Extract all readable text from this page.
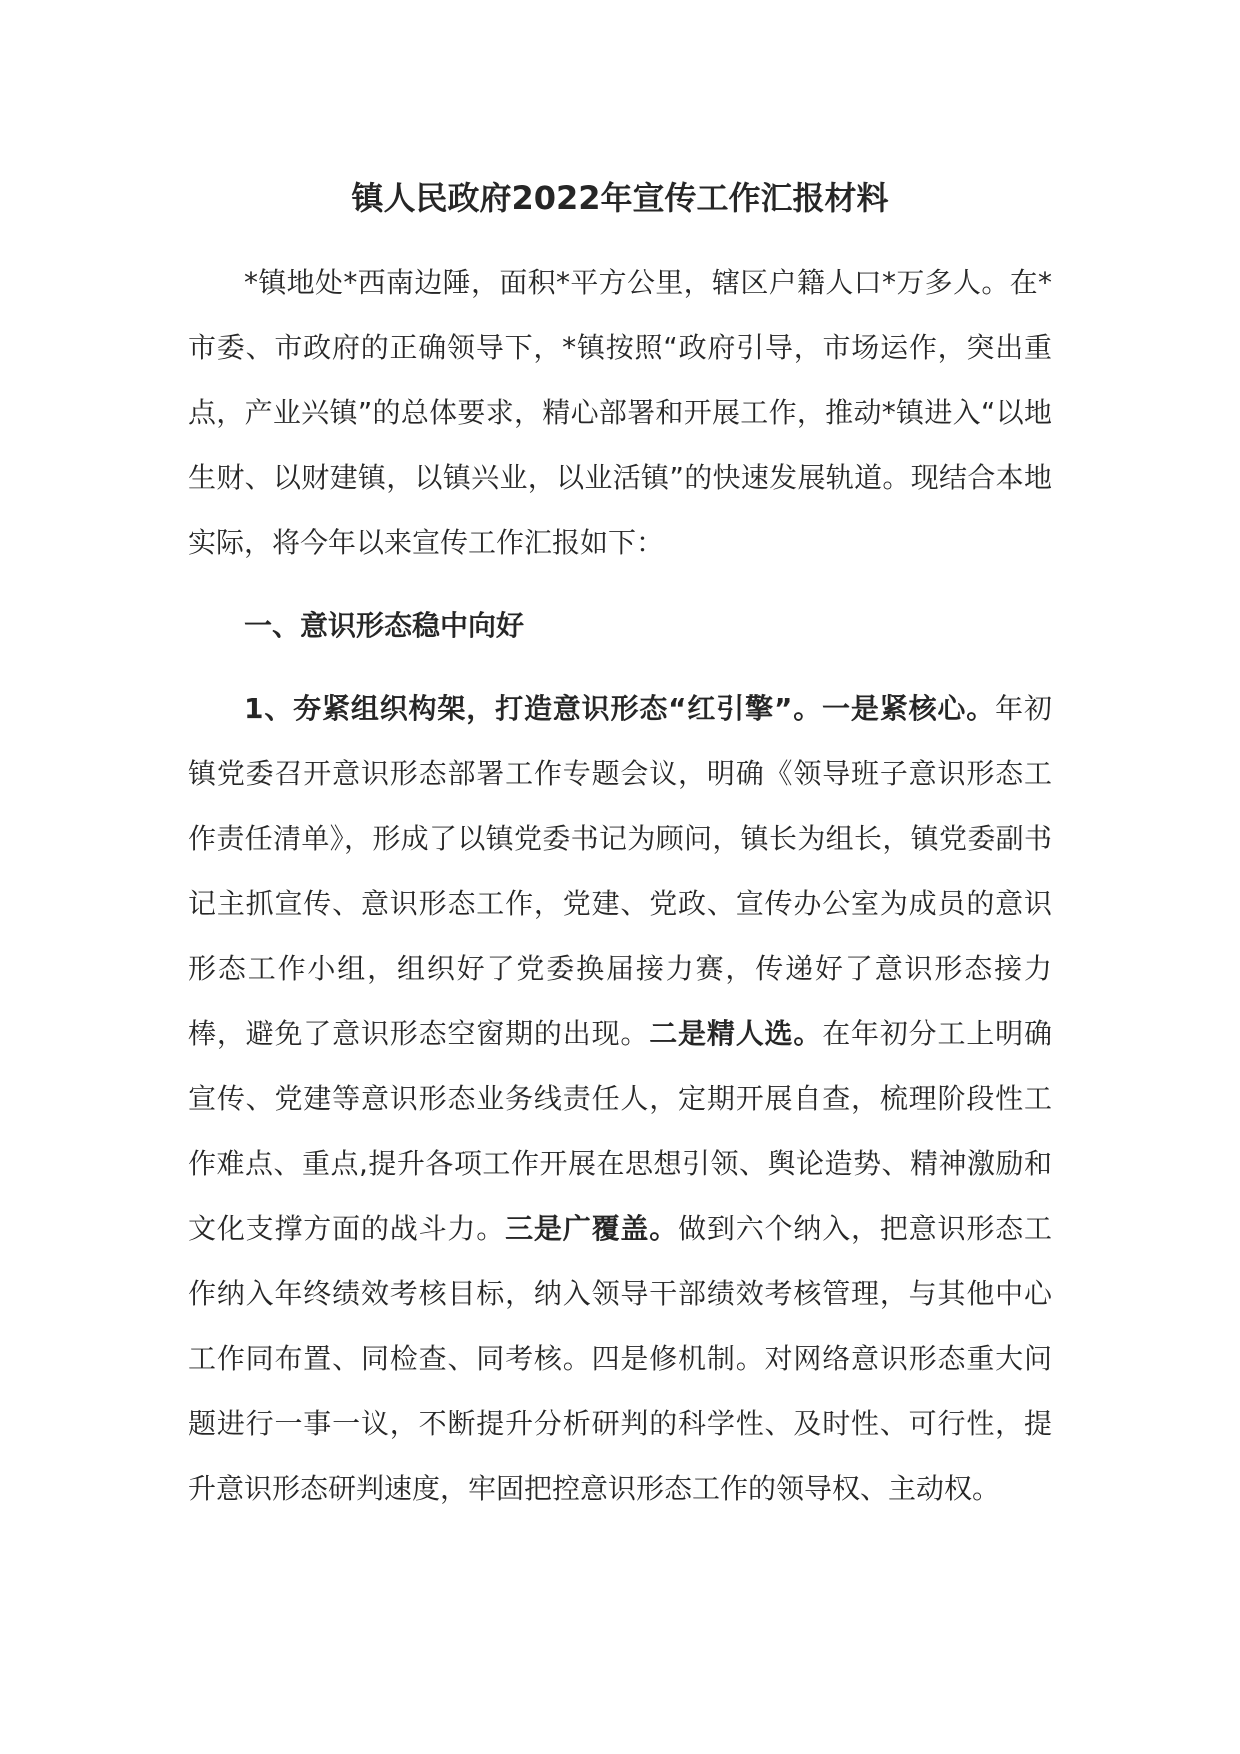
镇人民政府2022年宣传工作汇报材料

*镇地处*西南边陲，面积*平方公里，辖区户籍人口*万多人。在*市委、市政府的正确领导下，*镇按照“政府引导，市场运作，突出重点，产业兴镇”的总体要求，精心部署和开展工作，推动*镇进入“以地生财、以财建镇，以镇兴业，以业活镇”的快速发展轨道。现结合本地实际，将今年以来宣传工作汇报如下：

一、意识形态稳中向好

1、夯紧组织构架，打造意识形态“红引擎”。一是紧核心。年初镇党委召开意识形态部署工作专题会议，明确《领导班子意识形态工作责任清单》，形成了以镇党委书记为顾问，镇长为组长，镇党委副书记主抓宣传、意识形态工作，党建、党政、宣传办公室为成员的意识形态工作小组，组织好了党委换届接力赛，传递好了意识形态接力棒，避免了意识形态空窗期的出现。二是精人选。在年初分工上明确宣传、党建等意识形态业务线责任人，定期开展自查，梳理阶段性工作难点、重点,提升各项工作开展在思想引领、舆论造势、精神激励和文化支撑方面的战斗力。三是广覆盖。做到六个纳入，把意识形态工作纳入年终绩效考核目标，纳入领导干部绩效考核管理，与其他中心工作同布置、同检查、同考核。四是修机制。对网络意识形态重大问题进行一事一议，不断提升分析研判的科学性、及时性、可行性，提升意识形态研判速度，牢固把控意识形态工作的领导权、主动权。
